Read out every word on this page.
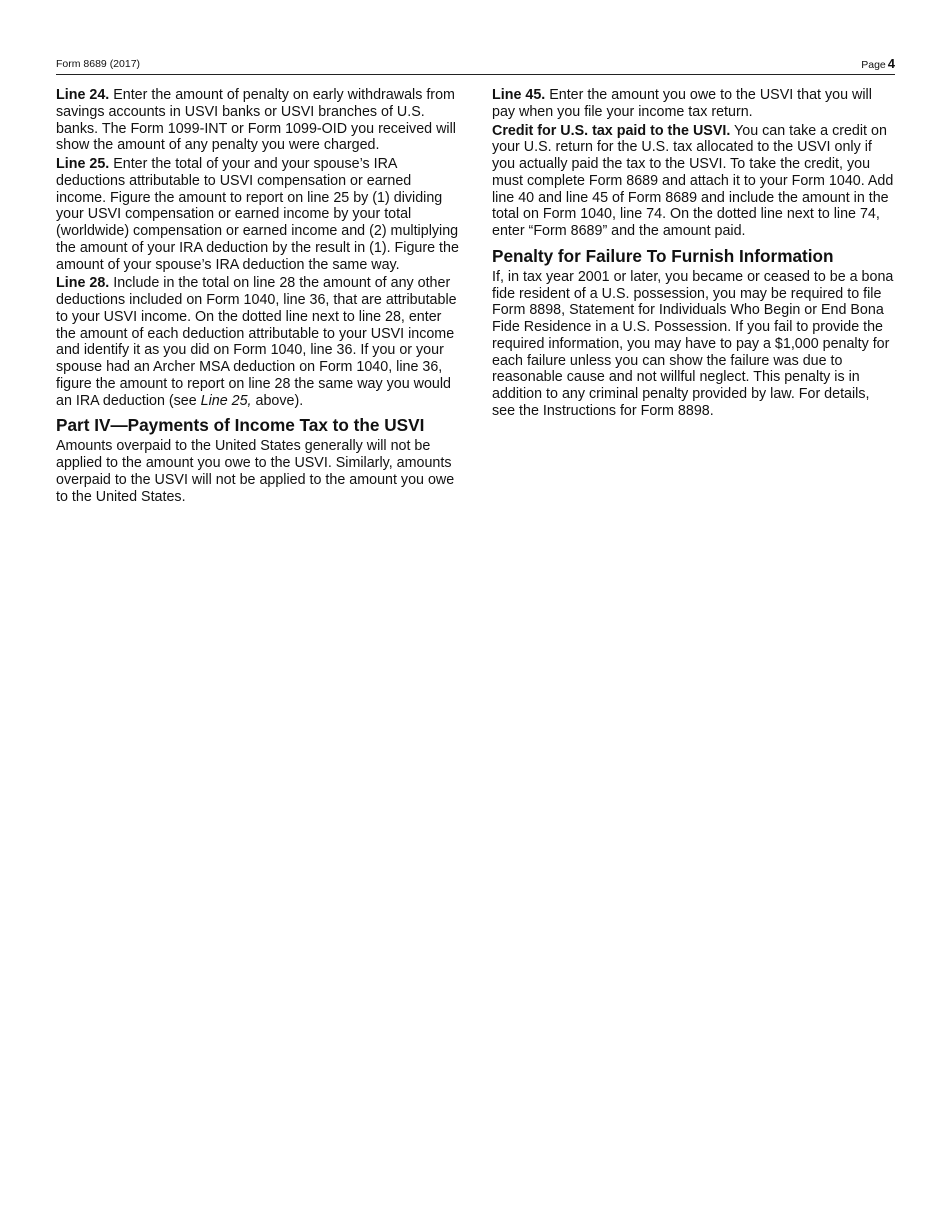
Form 8689 (2017)	Page 4

Line 24. Enter the amount of penalty on early withdrawals from savings accounts in USVI banks or USVI branches of U.S. banks. The Form 1099-INT or Form 1099-OID you received will show the amount of any penalty you were charged.

Line 25. Enter the total of your and your spouse’s IRA deductions attributable to USVI compensation or earned income. Figure the amount to report on line 25 by (1) dividing your USVI compensation or earned income by your total (worldwide) compensation or earned income and (2) multiplying the amount of your IRA deduction by the result in (1). Figure the amount of your spouse’s IRA deduction the same way.

Line 28. Include in the total on line 28 the amount of any other deductions included on Form 1040, line 36, that are attributable to your USVI income. On the dotted line next to line 28, enter the amount of each deduction attributable to your USVI income and identify it as you did on Form 1040, line 36. If you or your spouse had an Archer MSA deduction on Form 1040, line 36, figure the amount to report on line 28 the same way you would an IRA deduction (see Line 25, above).

Part IV—Payments of Income Tax to the USVI

Amounts overpaid to the United States generally will not be applied to the amount you owe to the USVI. Similarly, amounts overpaid to the USVI will not be applied to the amount you owe to the United States.

Line 45. Enter the amount you owe to the USVI that you will pay when you file your income tax return.

Credit for U.S. tax paid to the USVI. You can take a credit on your U.S. return for the U.S. tax allocated to the USVI only if you actually paid the tax to the USVI. To take the credit, you must complete Form 8689 and attach it to your Form 1040. Add line 40 and line 45 of Form 8689 and include the amount in the total on Form 1040, line 74. On the dotted line next to line 74, enter “Form 8689” and the amount paid.

Penalty for Failure To Furnish Information

If, in tax year 2001 or later, you became or ceased to be a bona fide resident of a U.S. possession, you may be required to file Form 8898, Statement for Individuals Who Begin or End Bona Fide Residence in a U.S. Possession. If you fail to provide the required information, you may have to pay a $1,000 penalty for each failure unless you can show the failure was due to reasonable cause and not willful neglect. This penalty is in addition to any criminal penalty provided by law. For details, see the Instructions for Form 8898.
